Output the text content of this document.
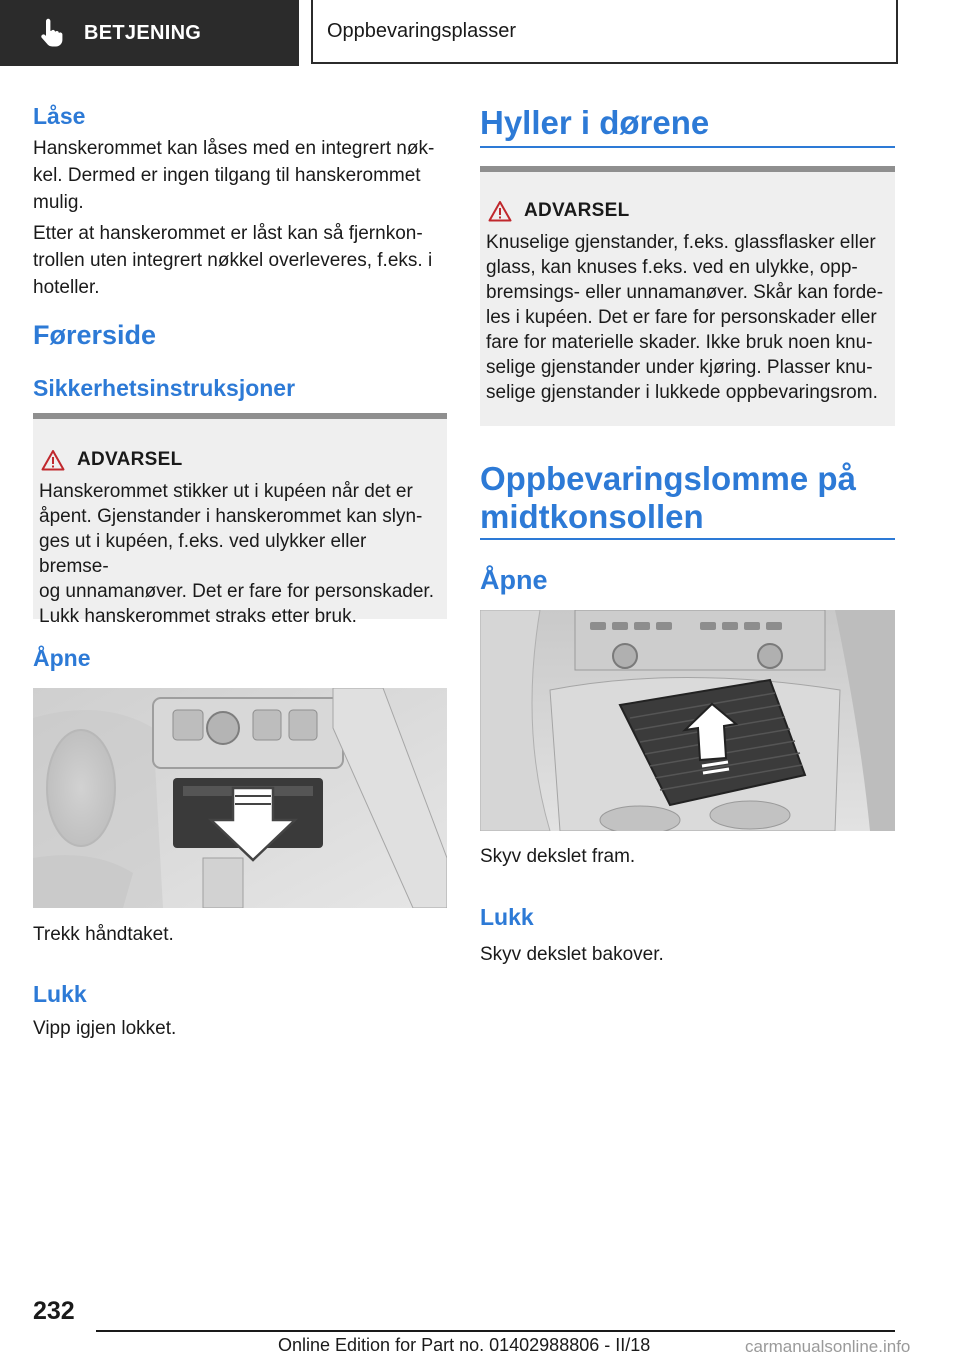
BETJENING	Oppbevaringsplasser
Låse

Hanskerommet kan låses med en integrert nøk-

kel. Dermed er ingen tilgang til hanskerommet

mulig.

Etter at hanskerommet er låst kan så fjernkon-

trollen uten integrert nøkkel overleveres, f.eks. i

hoteller.

Førerside
Sikkerhetsinstruksjoner
ADVARSEL

Hanskerommet stikker ut i kupéen når det er

åpent. Gjenstander i hanskerommet kan slyn-

ges ut i kupéen, f.eks. ved ulykker eller bremse-

og unnamanøver. Det er fare for personskader.

Lukk hanskerommet straks etter bruk.

Åpne
Trekk håndtaket.
Lukk
Vipp igjen lokket.
Hyller i dørene
ADVARSEL

Knuselige gjenstander, f.eks. glassflasker eller

glass, kan knuses f.eks. ved en ulykke, opp-

bremsings- eller unnamanøver. Skår kan forde-

les i kupéen. Det er fare for personskader eller

fare for materielle skader. Ikke bruk noen knu-

selige gjenstander under kjøring. Plasser knu-

selige gjenstander i lukkede oppbevaringsrom.

Oppbevaringslomme på
midtkonsollen
Åpne
Skyv dekslet fram.
Lukk
Skyv dekslet bakover.
232
Online Edition for Part no. 01402988806 - II/18	carmanualsonline.info
